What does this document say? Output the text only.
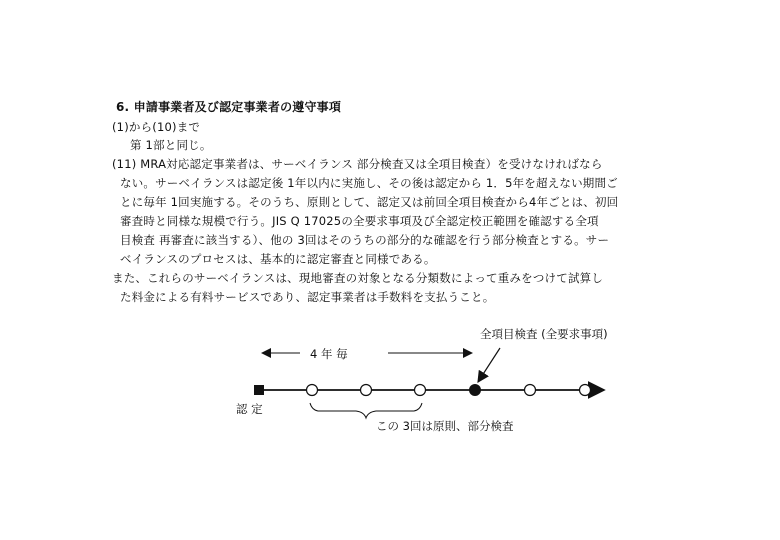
6. 申請事業者及び認定事業者の遵守事項
(1)から(10)まで
第 1部と同じ。
(11) MRA対応認定事業者は、サーベイランス 部分検査又は全項目検査）を受けなければなら
ない。サーベイランスは認定後 1年以内に実施し、その後は認定から 1．5年を超えない期間ご
とに毎年 1回実施する。そのうち、原則として、認定又は前回全項目検査から4年ごとは、初回
審査時と同様な規模で行う。JIS Q 17025の全要求事項及び全認定校正範囲を確認する全項
目検査 再審査に該当する）、他の 3回はそのうちの部分的な確認を行う部分検査とする。サー
ベイランスのプロセスは、基本的に認定審査と同様である。
また、これらのサーベイランスは、現地審査の対象となる分類数によって重みをつけて試算し
た料金による有料サービスであり、認定事業者は手数料を支払うこと。
全項目検査 (全要求事項)
4 年 毎
認 定
この 3回は原則、部分検査
